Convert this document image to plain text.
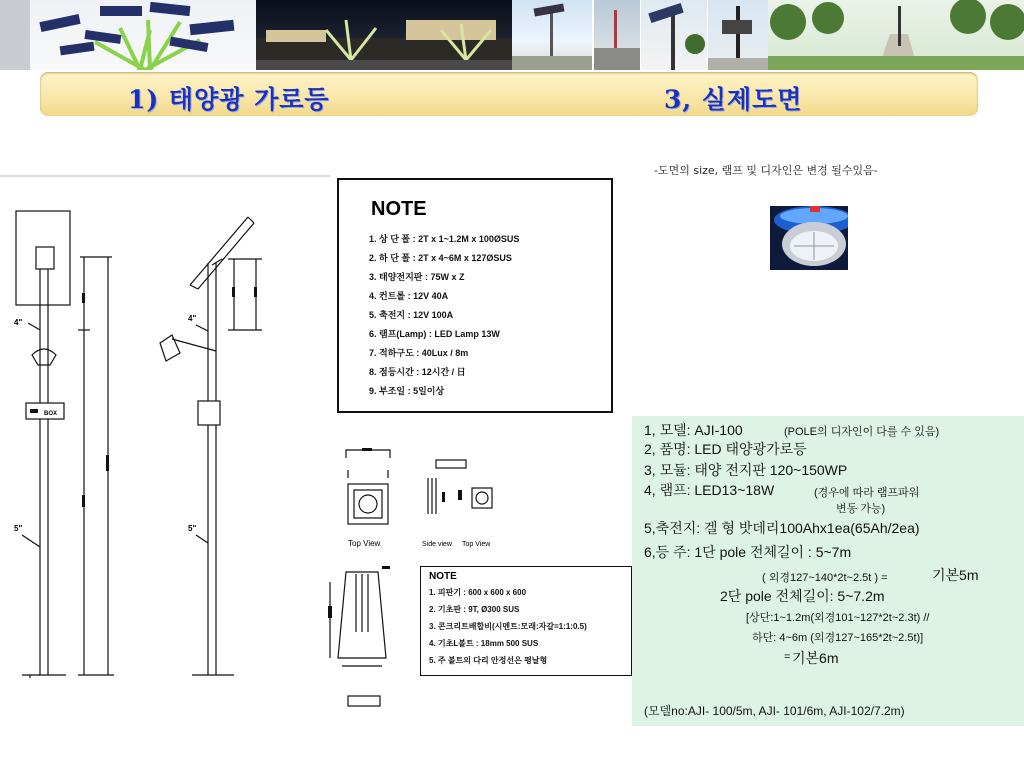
1) 태양광 가로등	3, 실제도면
-도면의 size, 램프 및 디자인은 변경 될수있음-
4"
5"
4"
5"
BOX
NOTE
1. 상 단 폴 : 2T x 1~1.2M x 100ØSUS
2. 하 단 폴 : 2T x 4~6M x 127ØSUS
3. 태양전지판 : 75W x Z
4. 컨트롤 : 12V 40A
5. 축전지 : 12V 100A
6. 램프(Lamp) : LED Lamp 13W
7. 적하구도 : 40Lux / 8m
8. 점등시간 : 12시간 / 日
9. 부조일 : 5일이상
Top View	Side view Top View
NOTE
1. 피판기 : 600 x 600 x 600
2. 기초판 : 9T, Ø300 SUS
3. 콘크리트배합비(시멘트:모래:자갈=1:1:0.5)
4. 기초L볼트 : 18mm 500 SUS
5. 주 볼트의 다리 안정선은 평날형
1, 모델: AJI-100	(POLE의 디자인이 다를 수 있음)
2, 품명: LED 태양광가로등
3, 모듈: 태양 전지판 120~150WP
4, 램프: LED13~18W	(경우에 따라 램프파워
변동 가능)
5,축전지: 겔 형 밧데리100Ahx1ea(65Ah/2ea)
6,등 주: 1단 pole 전체길이 : 5~7m
( 외경127~140*2t~2.5t ) =	기본5m
2단 pole 전체길이: 5~7.2m
[상단:1~1.2m(외경101~127*2t~2.3t) //
하단: 4~6m (외경127~165*2t~2.5t)]
= 기본6m
(모델no:AJI- 100/5m, AJI- 101/6m, AJI-102/7.2m)
